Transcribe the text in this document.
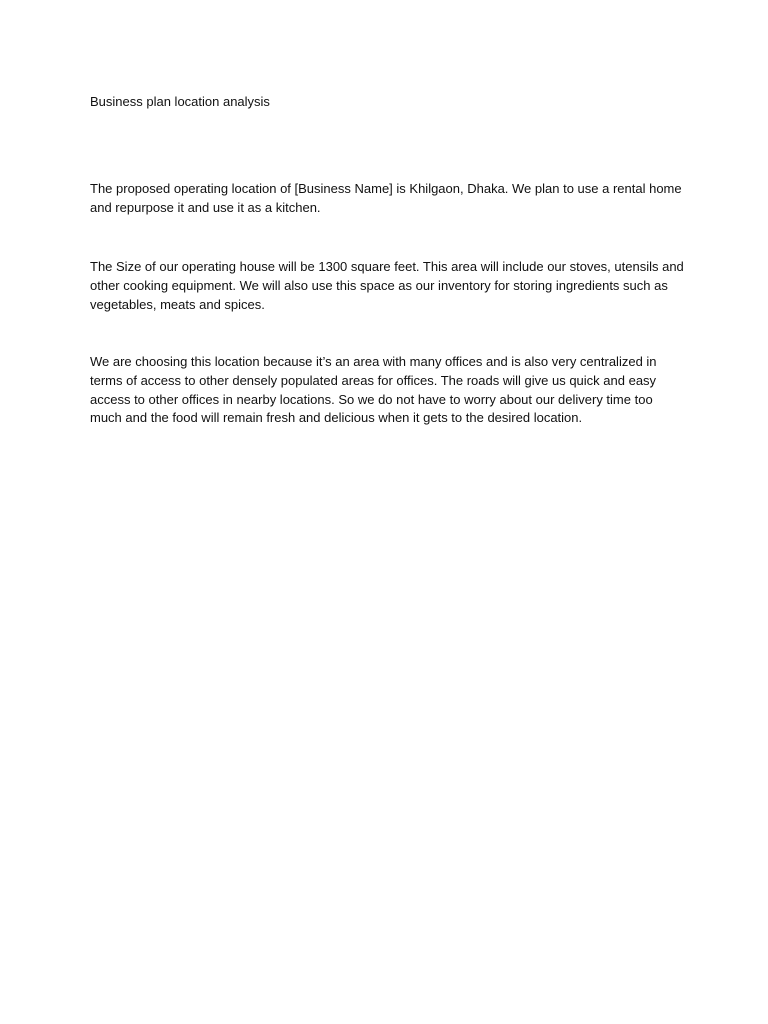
Business plan location analysis

The proposed operating location of [Business Name] is Khilgaon, Dhaka. We plan to use a rental home and repurpose it and use it as a kitchen.

The Size of our operating house will be 1300 square feet. This area will include our stoves, utensils and other cooking equipment. We will also use this space as our inventory for storing ingredients such as vegetables, meats and spices.

We are choosing this location because it’s an area with many offices and is also very centralized in terms of access to other densely populated areas for offices. The roads will give us quick and easy access to other offices in nearby locations. So we do not have to worry about our delivery time too much and the food will remain fresh and delicious when it gets to the desired location.
